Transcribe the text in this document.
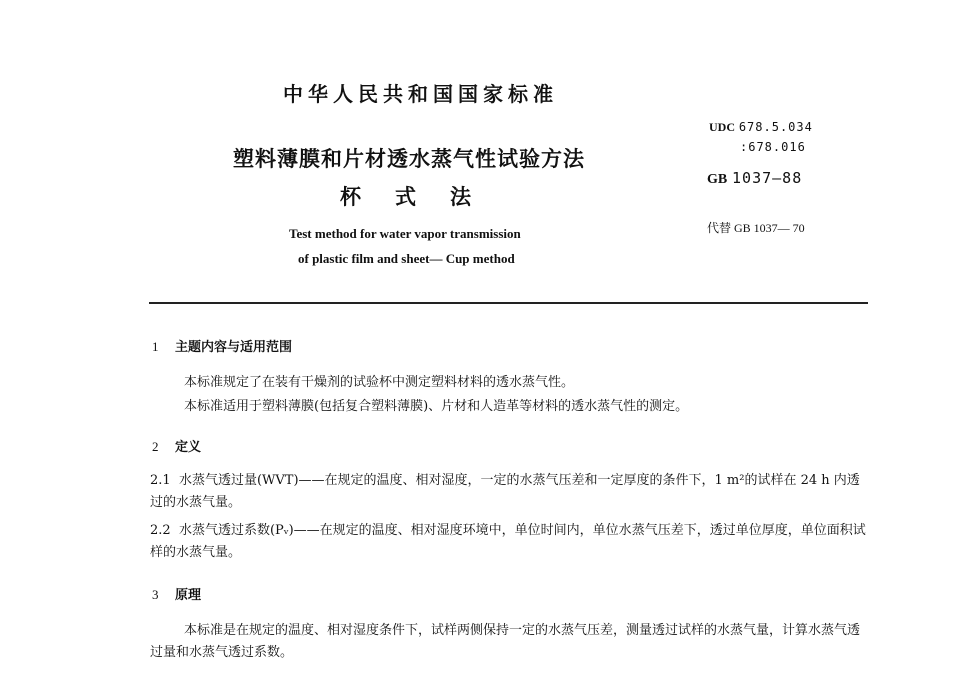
中华人民共和国国家标准
UDC 678.5.034
:678.016
塑料薄膜和片材透水蒸气性试验方法
GB 1037—88
杯式法
代替 GB 1037— 70
Test method for water vapor transmission
of plastic film and sheet— Cup method
1 主题内容与适用范围
本标准规定了在装有干燥剂的试验杯中测定塑料材料的透水蒸气性。
本标准适用于塑料薄膜(包括复合塑料薄膜)、片材和人造革等材料的透水蒸气性的测定。
2 定义
2.1 水蒸气透过量(WVT)——在规定的温度、相对湿度，一定的水蒸气压差和一定厚度的条件下，1 m²的试样在 24 h 内透过的水蒸气量。
2.2 水蒸气透过系数(Pᵥ)——在规定的温度、相对湿度环境中，单位时间内，单位水蒸气压差下，透过单位厚度，单位面积试样的水蒸气量。
3 原理
本标准是在规定的温度、相对湿度条件下，试样两侧保持一定的水蒸气压差，测量透过试样的水蒸气量，计算水蒸气透过量和水蒸气透过系数。
